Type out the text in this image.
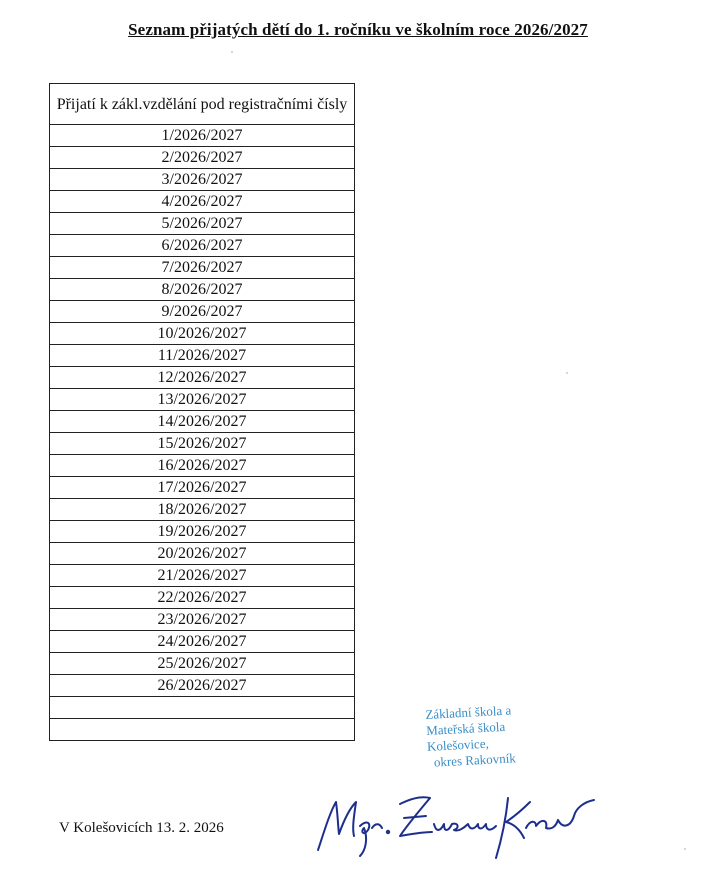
Seznam přijatých dětí do 1. ročníku ve školním roce 2026/2027
Přijatí k zákl.vzdělání pod registračními čísly
1/2026/2027
2/2026/2027
3/2026/2027
4/2026/2027
5/2026/2027
6/2026/2027
7/2026/2027
8/2026/2027
9/2026/2027
10/2026/2027
11/2026/2027
12/2026/2027
13/2026/2027
14/2026/2027
15/2026/2027
16/2026/2027
17/2026/2027
18/2026/2027
19/2026/2027
20/2026/2027
21/2026/2027
22/2026/2027
23/2026/2027
24/2026/2027
25/2026/2027
26/2026/2027

Základní škola a
Mateřská škola
Kolešovice,
okres Rakovník
V Kolešovicích 13. 2. 2026
